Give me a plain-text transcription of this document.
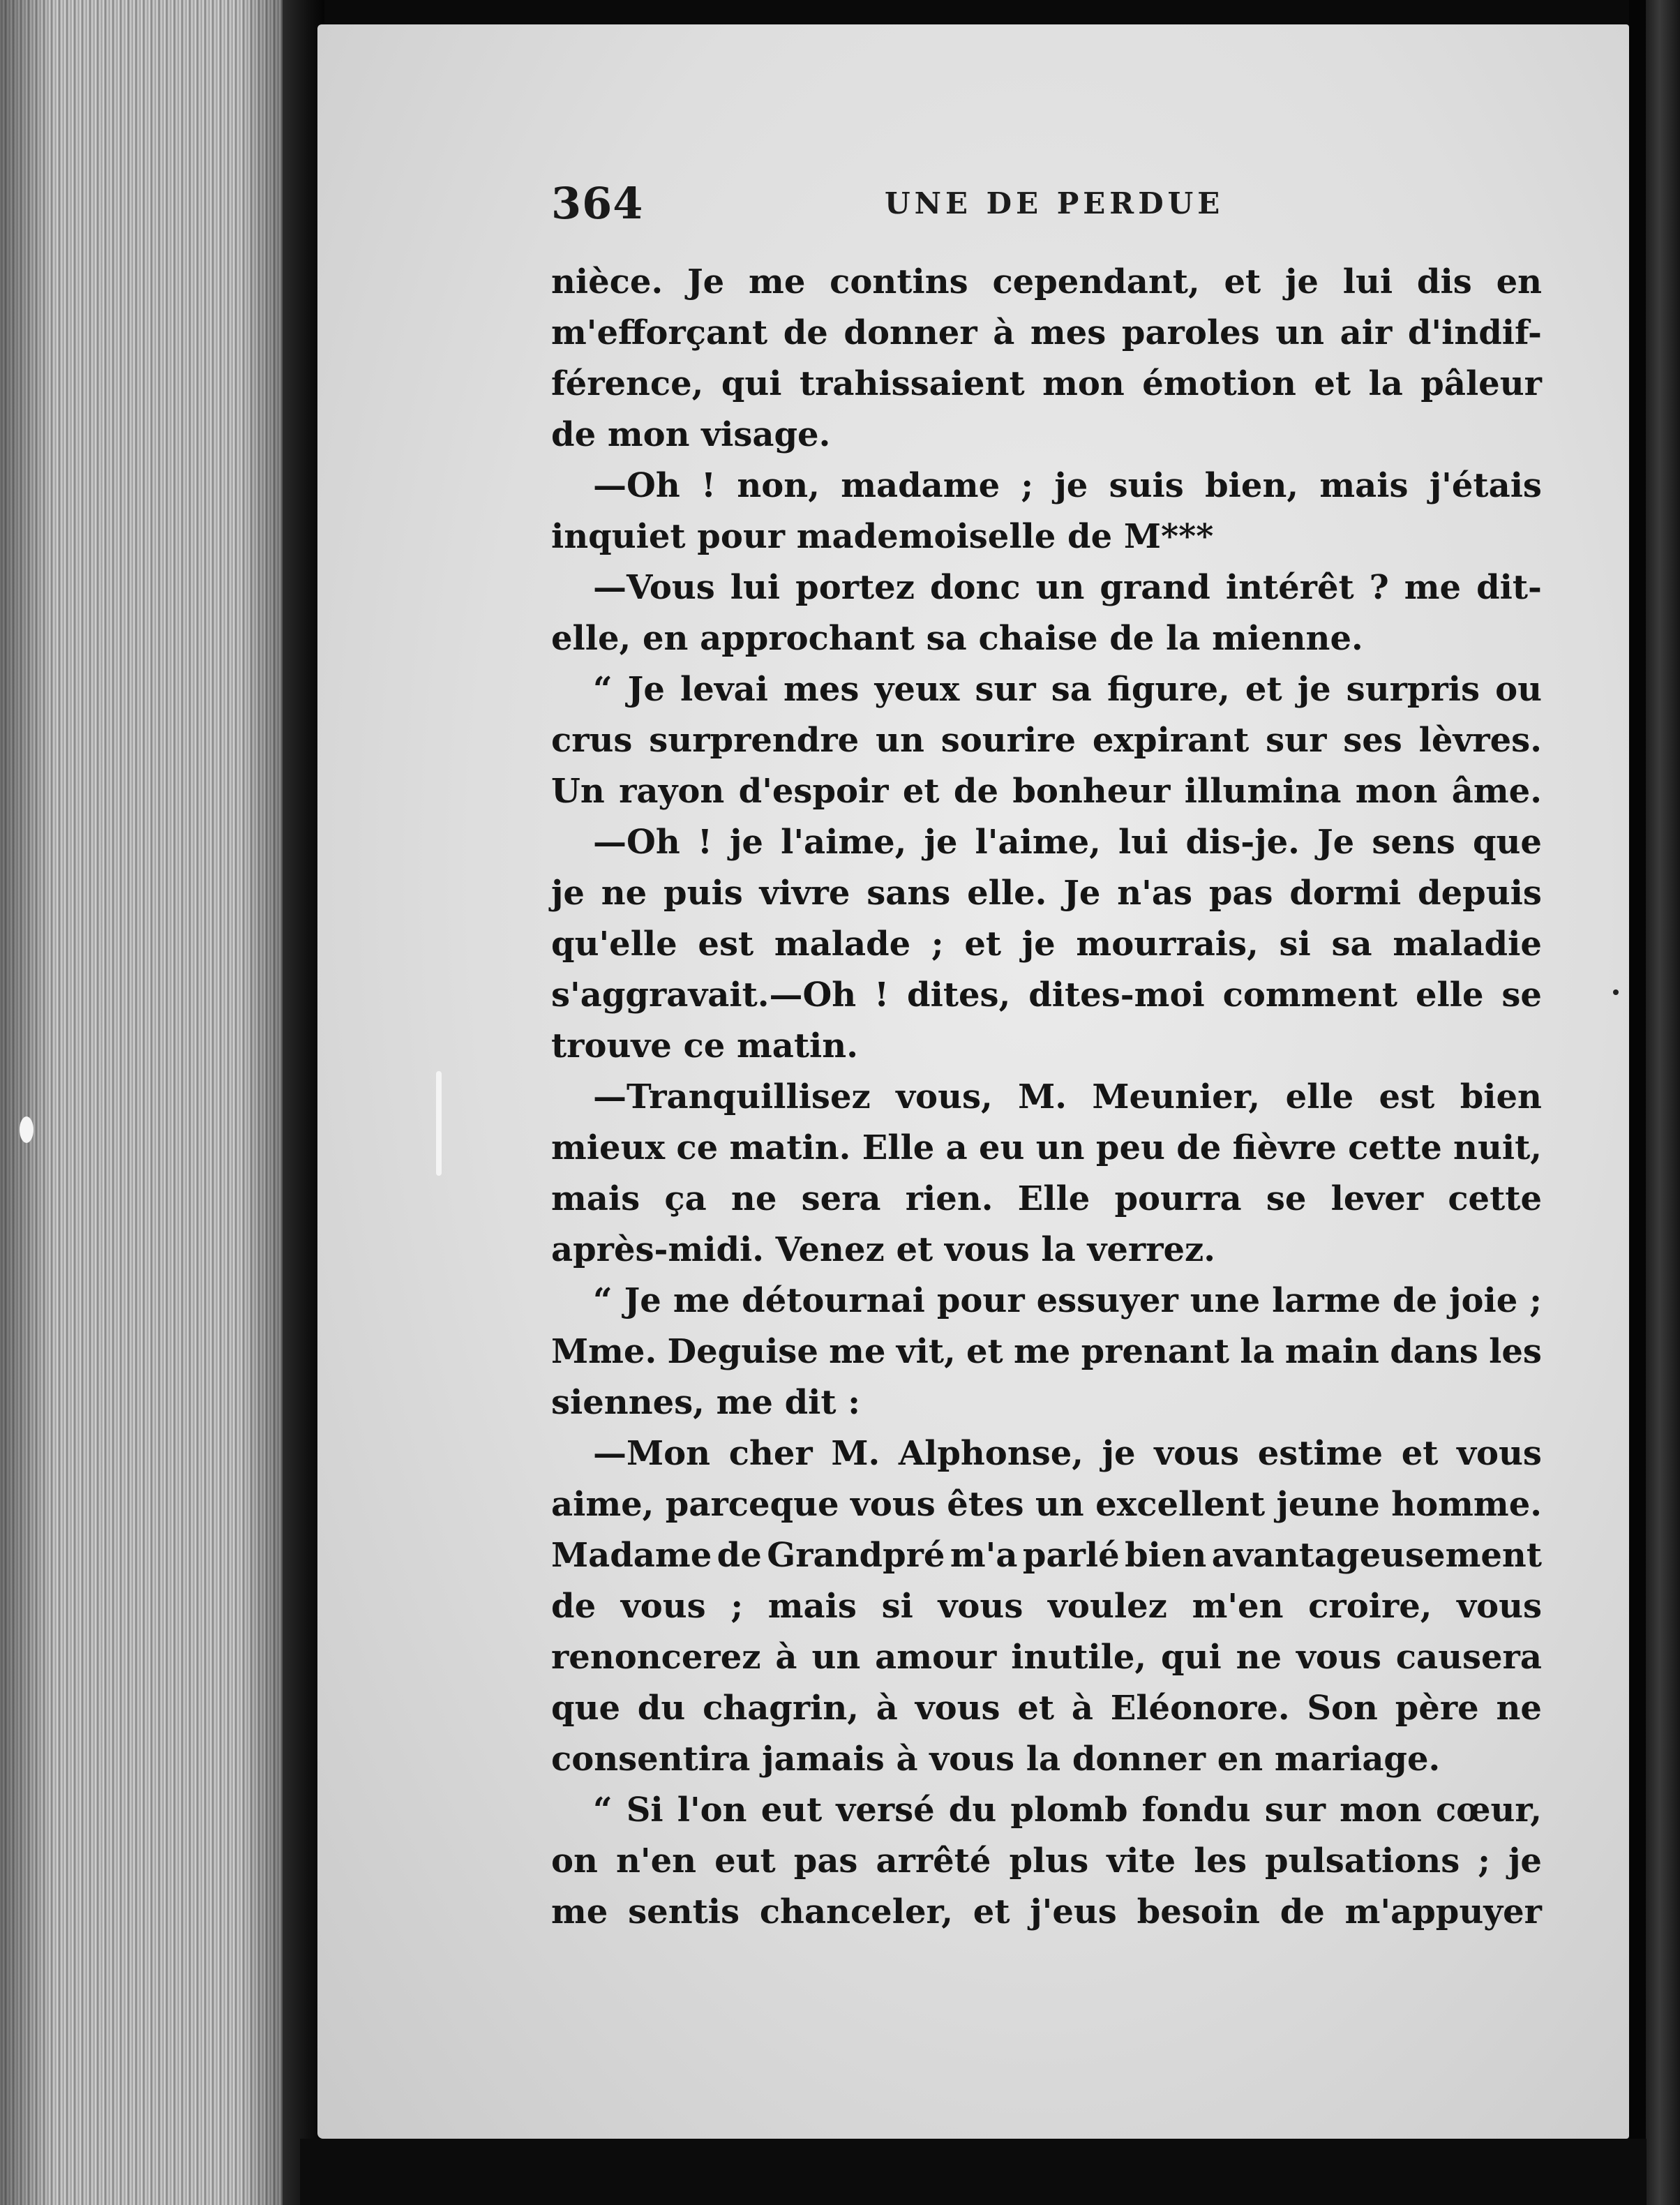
364	UNE DE PERDUE
nièce. Je me contins cependant, et je lui dis en
m'efforçant de donner à mes paroles un air d'indif-
férence, qui trahissaient mon émotion et la pâleur
de mon visage.
—Oh ! non, madame ; je suis bien, mais j'étais
inquiet pour mademoiselle de M***
—Vous lui portez donc un grand intérêt ? me dit-
elle, en approchant sa chaise de la mienne.
“ Je levai mes yeux sur sa figure, et je surpris ou
crus surprendre un sourire expirant sur ses lèvres.
Un rayon d'espoir et de bonheur illumina mon âme.
—Oh ! je l'aime, je l'aime, lui dis-je. Je sens que
je ne puis vivre sans elle. Je n'as pas dormi depuis
qu'elle est malade ; et je mourrais, si sa maladie
s'aggravait.—Oh ! dites, dites-moi comment elle se
trouve ce matin.
—Tranquillisez vous, M. Meunier, elle est bien
mieux ce matin. Elle a eu un peu de fièvre cette nuit,
mais ça ne sera rien. Elle pourra se lever cette
après-midi. Venez et vous la verrez.
“ Je me détournai pour essuyer une larme de joie ;
Mme. Deguise me vit, et me prenant la main dans les
siennes, me dit :
—Mon cher M. Alphonse, je vous estime et vous
aime, parceque vous êtes un excellent jeune homme.
Madame de Grandpré m'a parlé bien avantageusement
de vous ; mais si vous voulez m'en croire, vous
renoncerez à un amour inutile, qui ne vous causera
que du chagrin, à vous et à Eléonore. Son père ne
consentira jamais à vous la donner en mariage.
“ Si l'on eut versé du plomb fondu sur mon cœur,
on n'en eut pas arrêté plus vite les pulsations ; je
me sentis chanceler, et j'eus besoin de m'appuyer
